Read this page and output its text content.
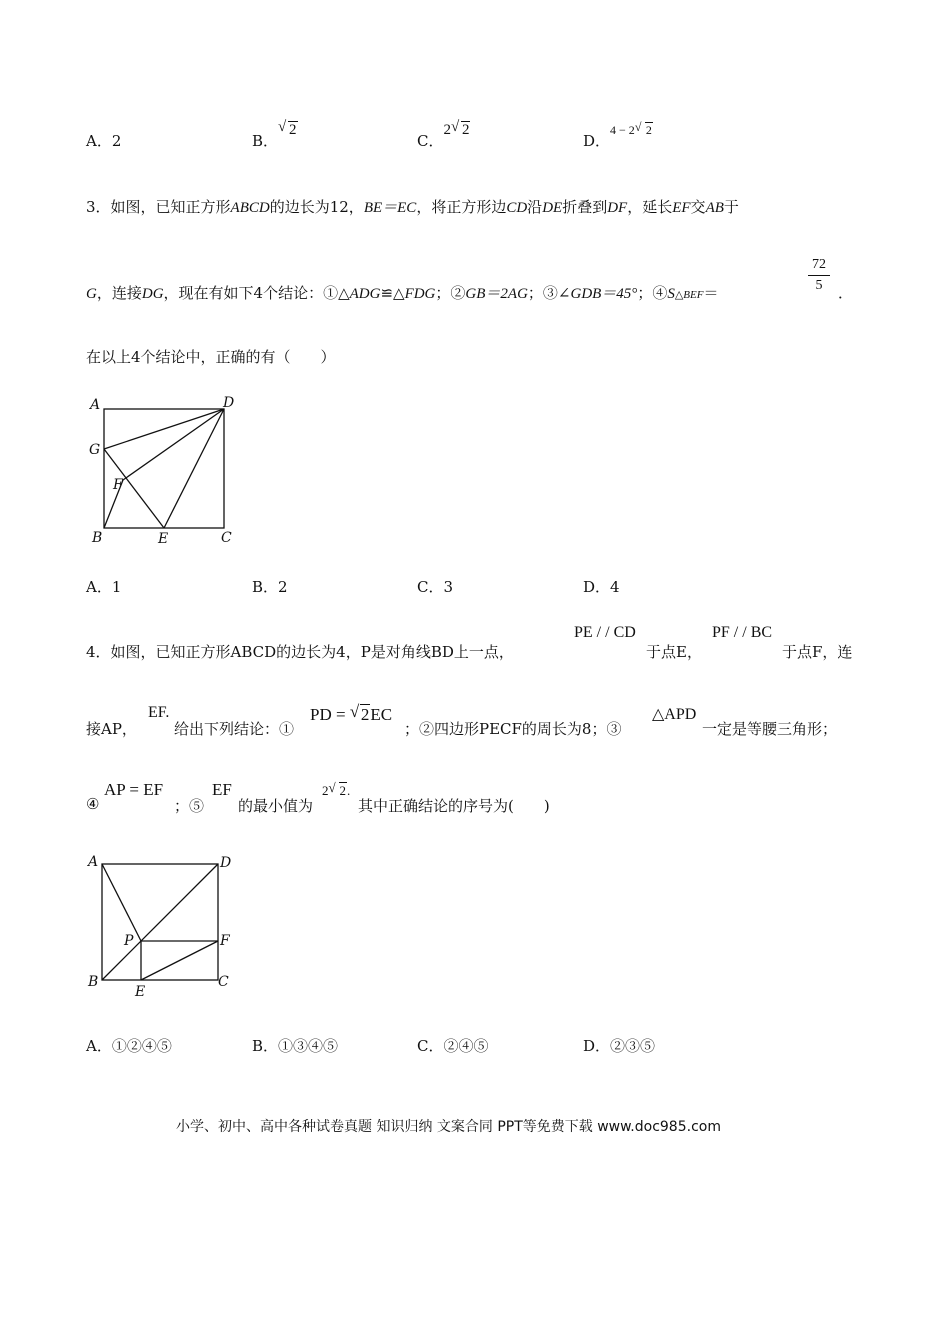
A．2	B．
√ 2
C．2 √ 2
D．$^{4 - 2}$ √ 2
3．如图，已知正方形ABCD的边长为12，BE＝EC，将正方形边CD沿DE折叠到DF，延长EF交AB于
G，连接DG，现在有如下4个结论：①△ADG≌△FDG；②GB＝2AG；③∠GDB＝45°；④S△BEF＝	$\frac{72}{5}$ ．
在以上4个结论中，正确的有（　　）
A	D
G
F
B	E	C
A．1	B．2	C．3	D．4
4．如图，已知正方形ABCD的边长为4，P是对角线BD上一点，
PE / / CD
于点E，
PF / / BC
于点F，连
接AP，
EF.
给出下列结论：①
PD = √ 2EC
；②四边形PECF的周长为8；③
△APD
一定是等腰三角形；
④
AP = EF
；⑤
EF
的最小值为
2 √ 2.
其中正确结论的序号为(　　)
A	D
P	F
B
E
C
A．①②④⑤	B．①③④⑤	C．②④⑤	D．②③⑤
小学、初中、高中各种试卷真题 知识归纳 文案合同 PPT等免费下载 www.doc985.com
